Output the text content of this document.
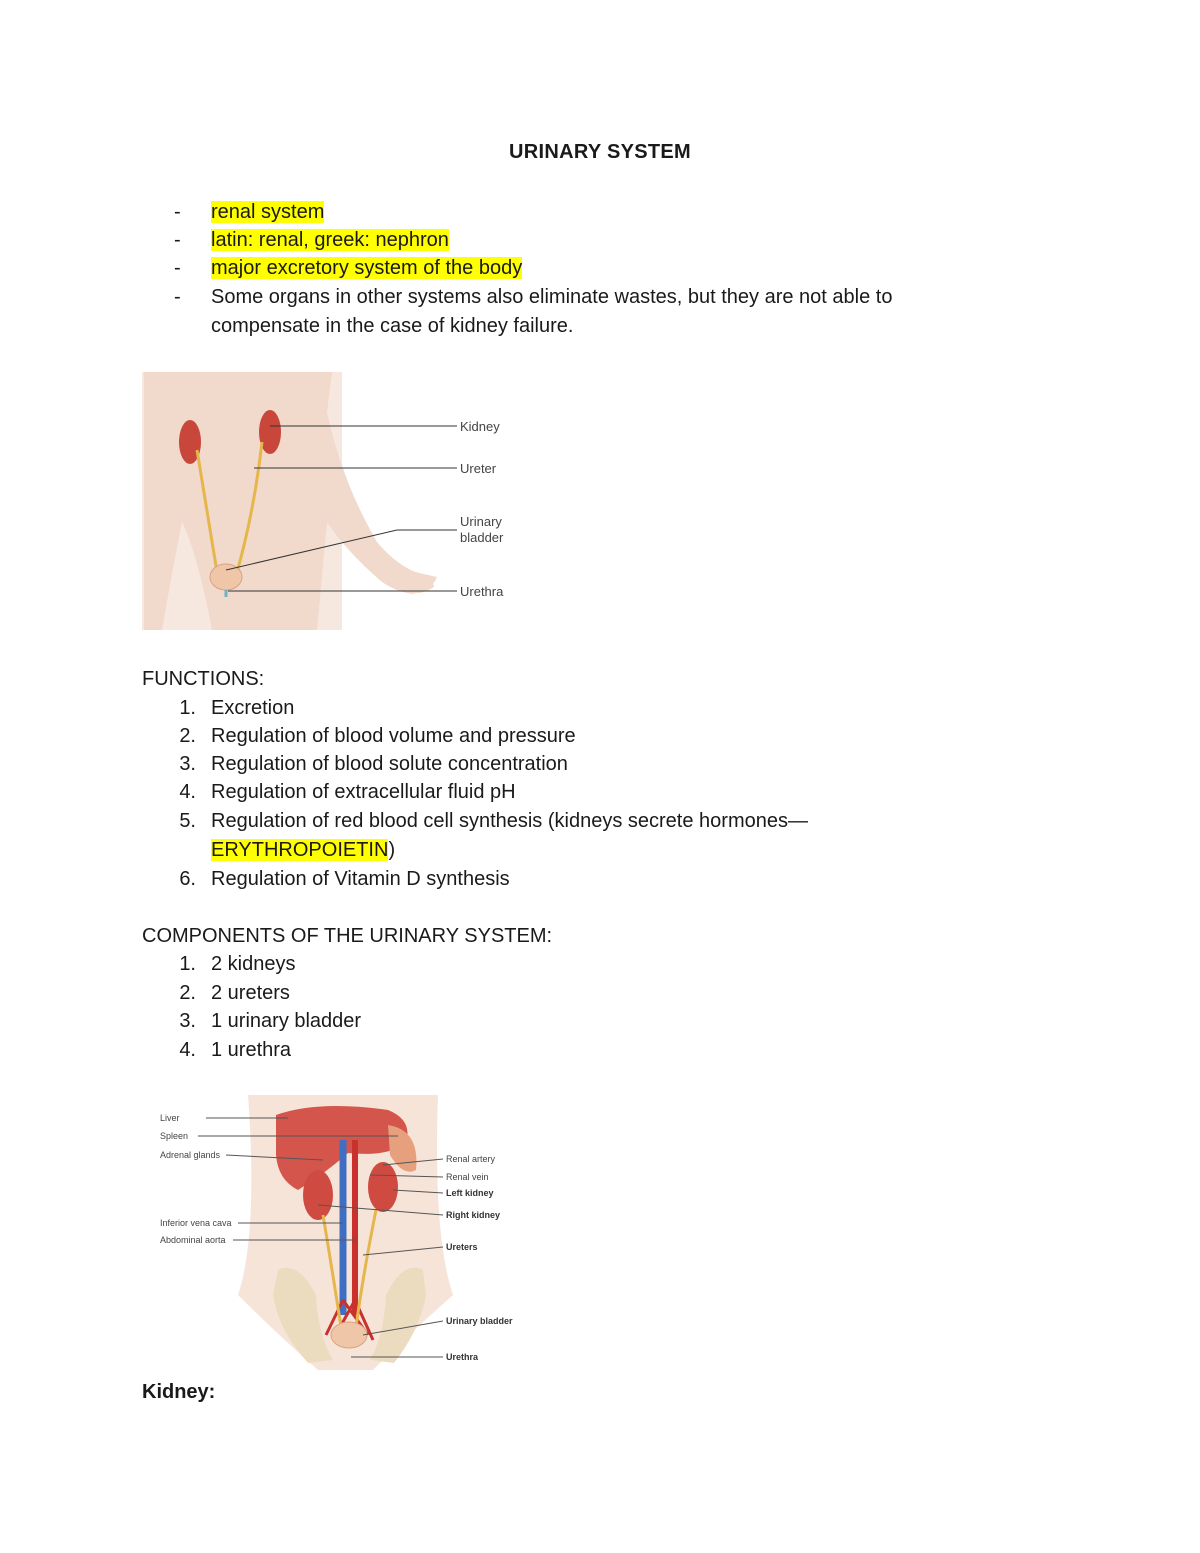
URINARY SYSTEM
- renal system
- latin: renal, greek: nephron
- major excretory system of the body
- Some organs in other systems also eliminate wastes, but they are not able to
compensate in the case of kidney failure.
Kidney
Ureter
Urinary
bladder
Urethra
FUNCTIONS:
1. Excretion
2. Regulation of blood volume and pressure
3. Regulation of blood solute concentration
4. Regulation of extracellular fluid pH
5. Regulation of red blood cell synthesis (kidneys secrete hormones—
ERYTHROPOIETIN)
6. Regulation of Vitamin D synthesis
COMPONENTS OF THE URINARY SYSTEM:
1. 2 kidneys
2. 2 ureters
3. 1 urinary bladder
4. 1 urethra
Liver
Spleen
Adrenal glands
Inferior vena cava
Abdominal aorta
Renal artery
Renal vein
Left kidney
Right kidney
Ureters
Urinary bladder
Urethra
Kidney:
